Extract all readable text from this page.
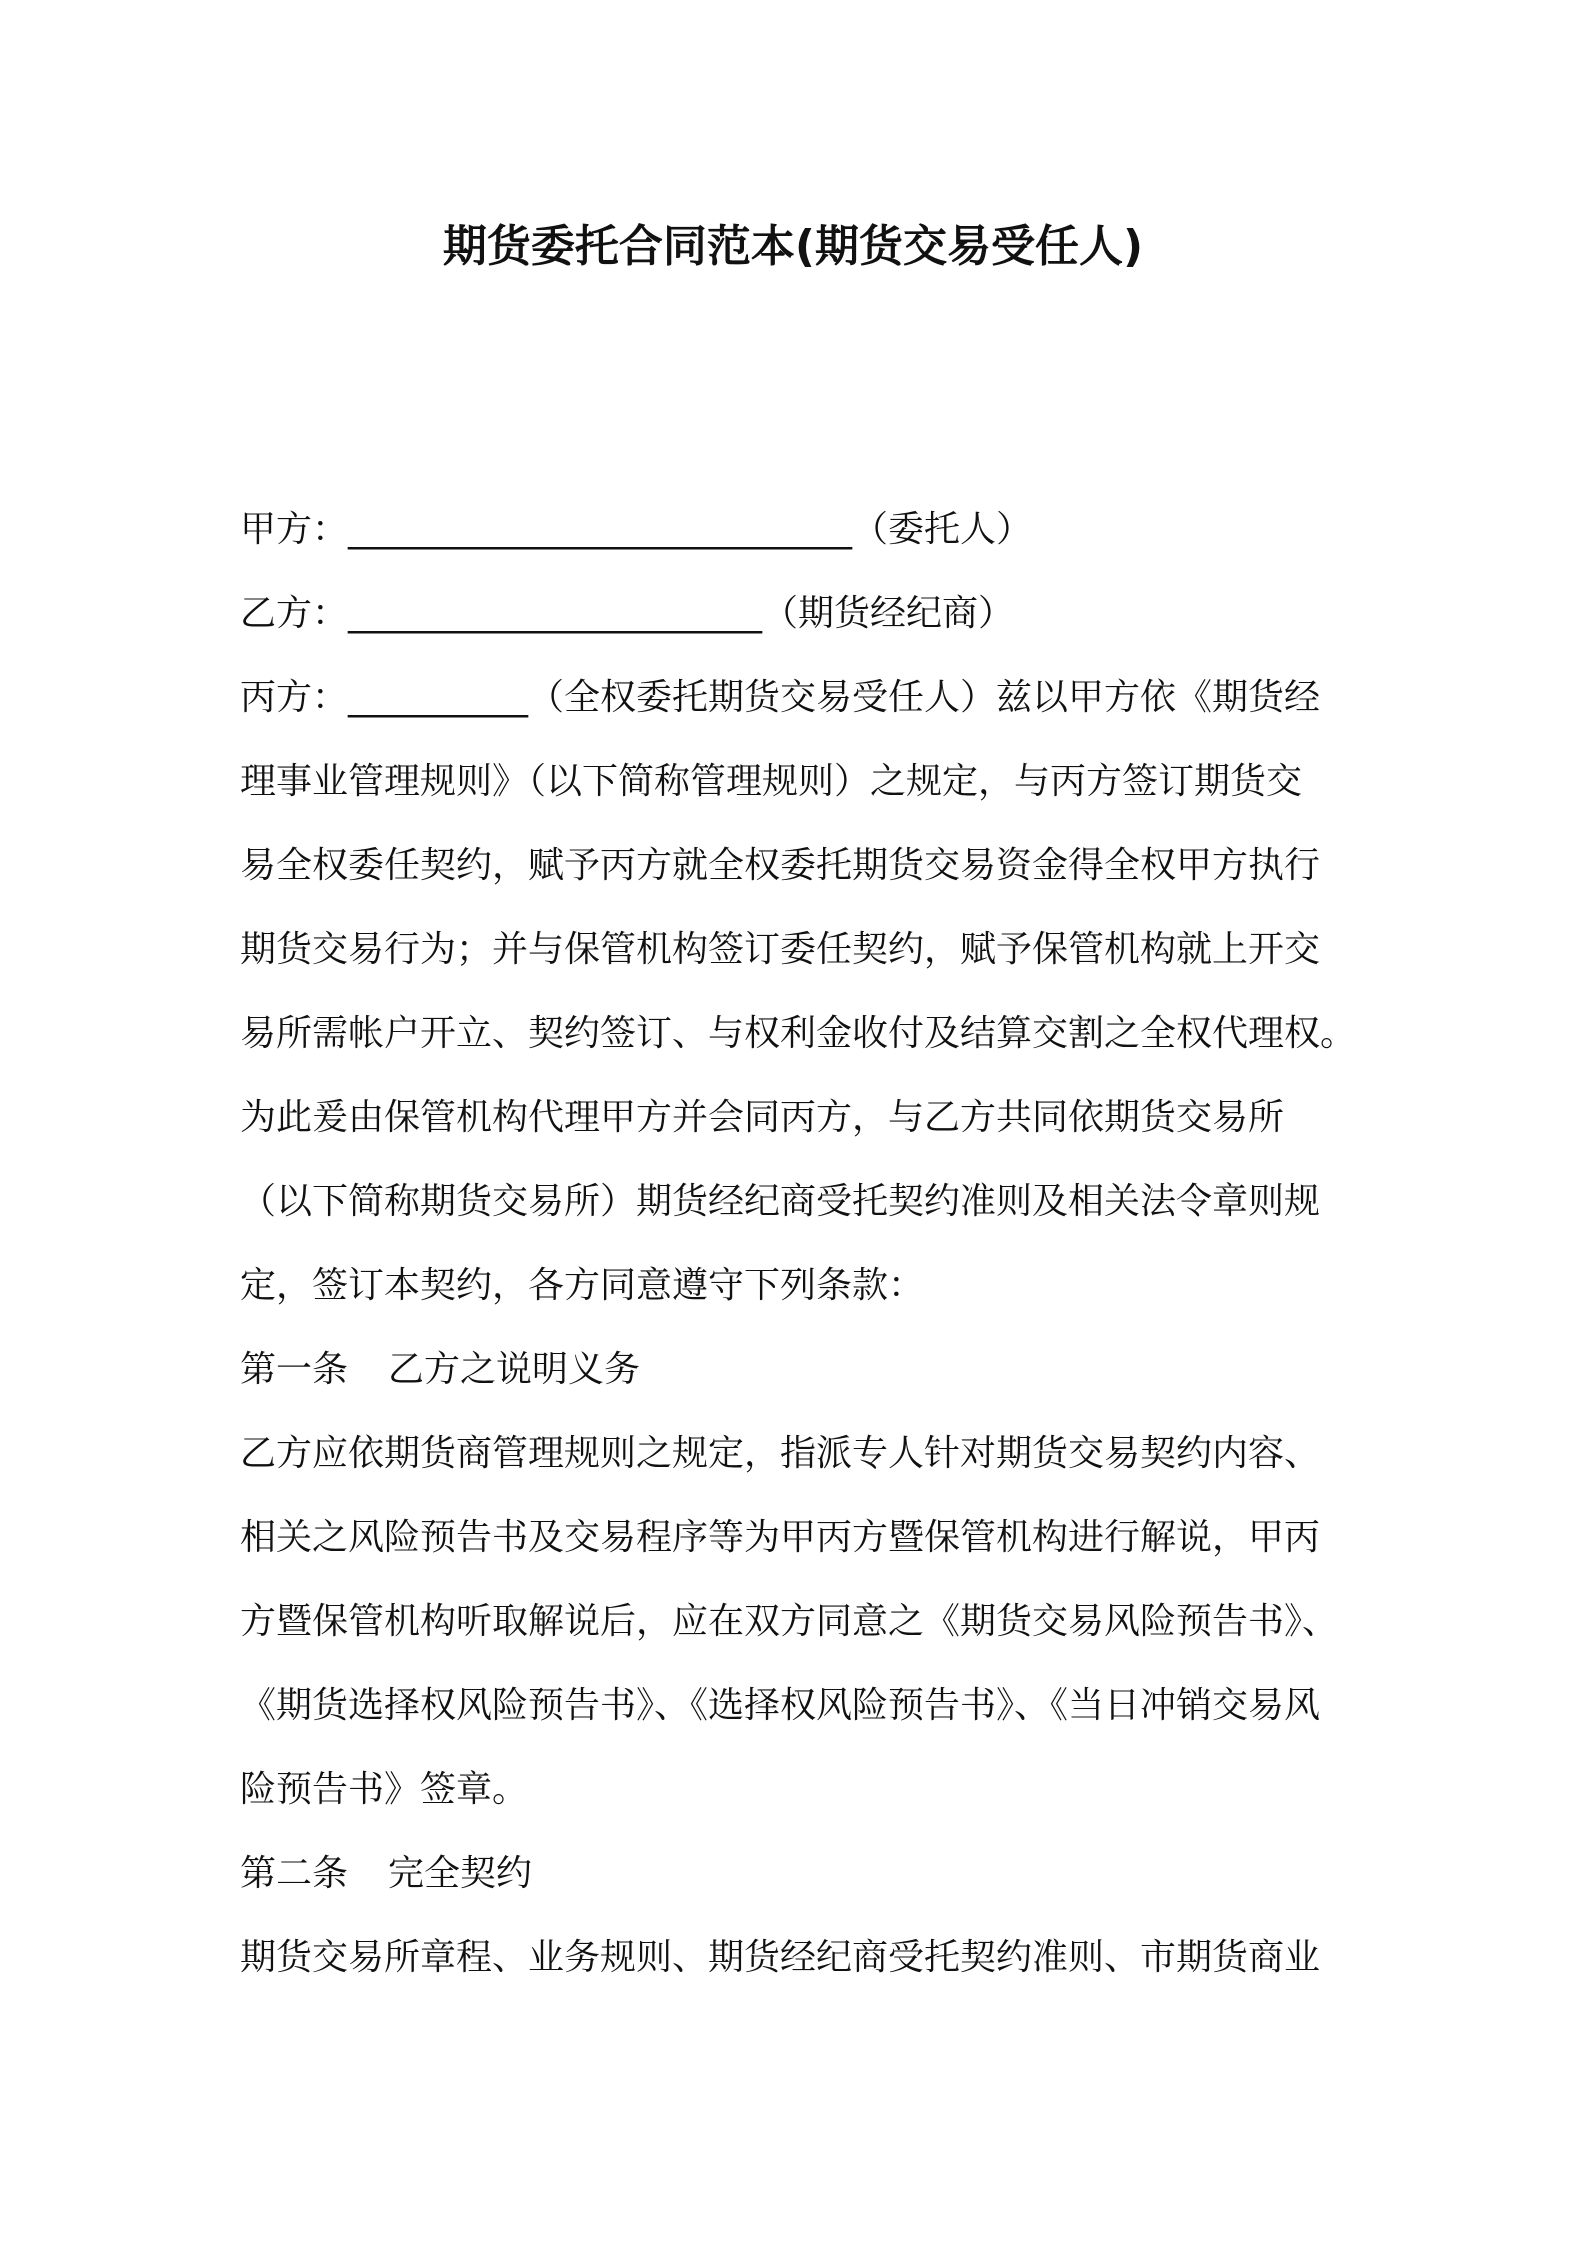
期货委托合同范本(期货交易受任人)
甲方：____________________________（委托人）
乙方：_______________________（期货经纪商）
丙方：__________（全权委托期货交易受任人）兹以甲方依《期货经
理事业管理规则》（以下简称管理规则）之规定，与丙方签订期货交
易全权委任契约，赋予丙方就全权委托期货交易资金得全权甲方执行
期货交易行为；并与保管机构签订委任契约，赋予保管机构就上开交
易所需帐户开立、契约签订、与权利金收付及结算交割之全权代理权。
为此爰由保管机构代理甲方并会同丙方，与乙方共同依期货交易所
（以下简称期货交易所）期货经纪商受托契约准则及相关法令章则规
定，签订本契约，各方同意遵守下列条款：
第一条 乙方之说明义务
乙方应依期货商管理规则之规定，指派专人针对期货交易契约内容、
相关之风险预告书及交易程序等为甲丙方暨保管机构进行解说，甲丙
方暨保管机构听取解说后，应在双方同意之《期货交易风险预告书》、
《期货选择权风险预告书》、《选择权风险预告书》、《当日冲销交易风
险预告书》签章。
第二条 完全契约
期货交易所章程、业务规则、期货经纪商受托契约准则、市期货商业
